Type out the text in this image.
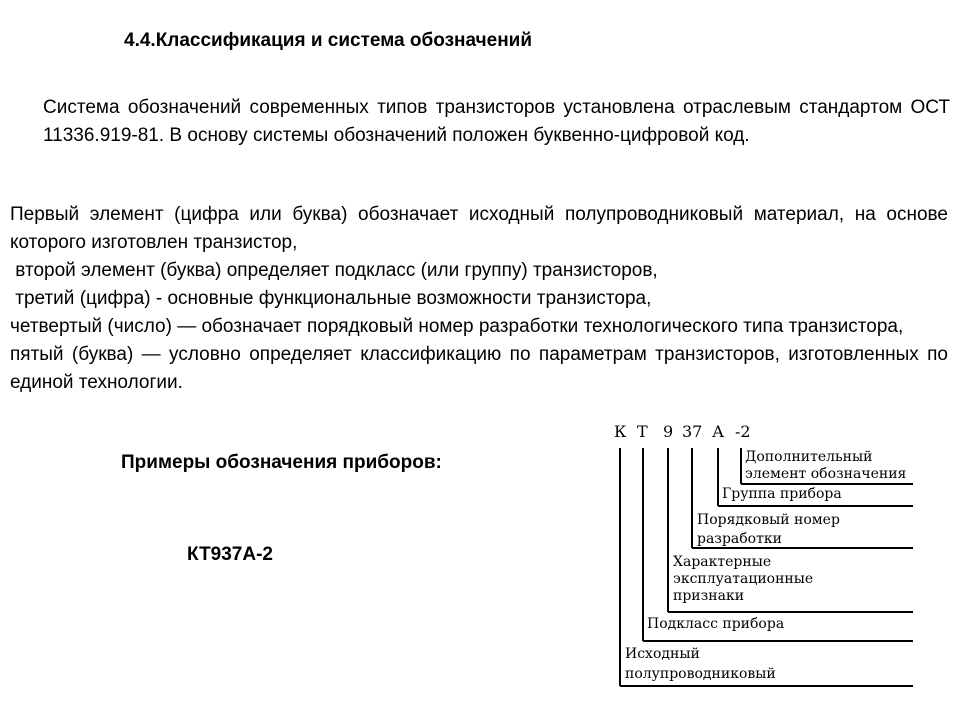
4.4.Классификация и система обозначений

Система обозначений современных типов транзисторов установлена отраслевым стандартом ОСТ 11336.919-81. В основу системы обозначений положен буквенно-цифровой код.

Первый элемент (цифра или буква) обозначает исходный полупроводниковый материал, на основе которого изготовлен транзистор,
второй элемент (буква) определяет подкласс (или группу) транзисторов,
третий (цифра) - основные функциональные возможности транзистора,
четвертый (число) — обозначает порядковый номер разработки технологического типа транзистора,
пятый (буква) — условно определяет классификацию по параметрам транзисторов, изготовленных по единой технологии.
Примеры обозначения приборов:
КТ937А-2
К Т 9 37 А -2
Дополнительный
элемент обозначения
Группа прибора
Порядковый номер
разработки
Характерные
эксплуатационные
признаки
Подкласс прибора
Исходный
полупроводниковый
